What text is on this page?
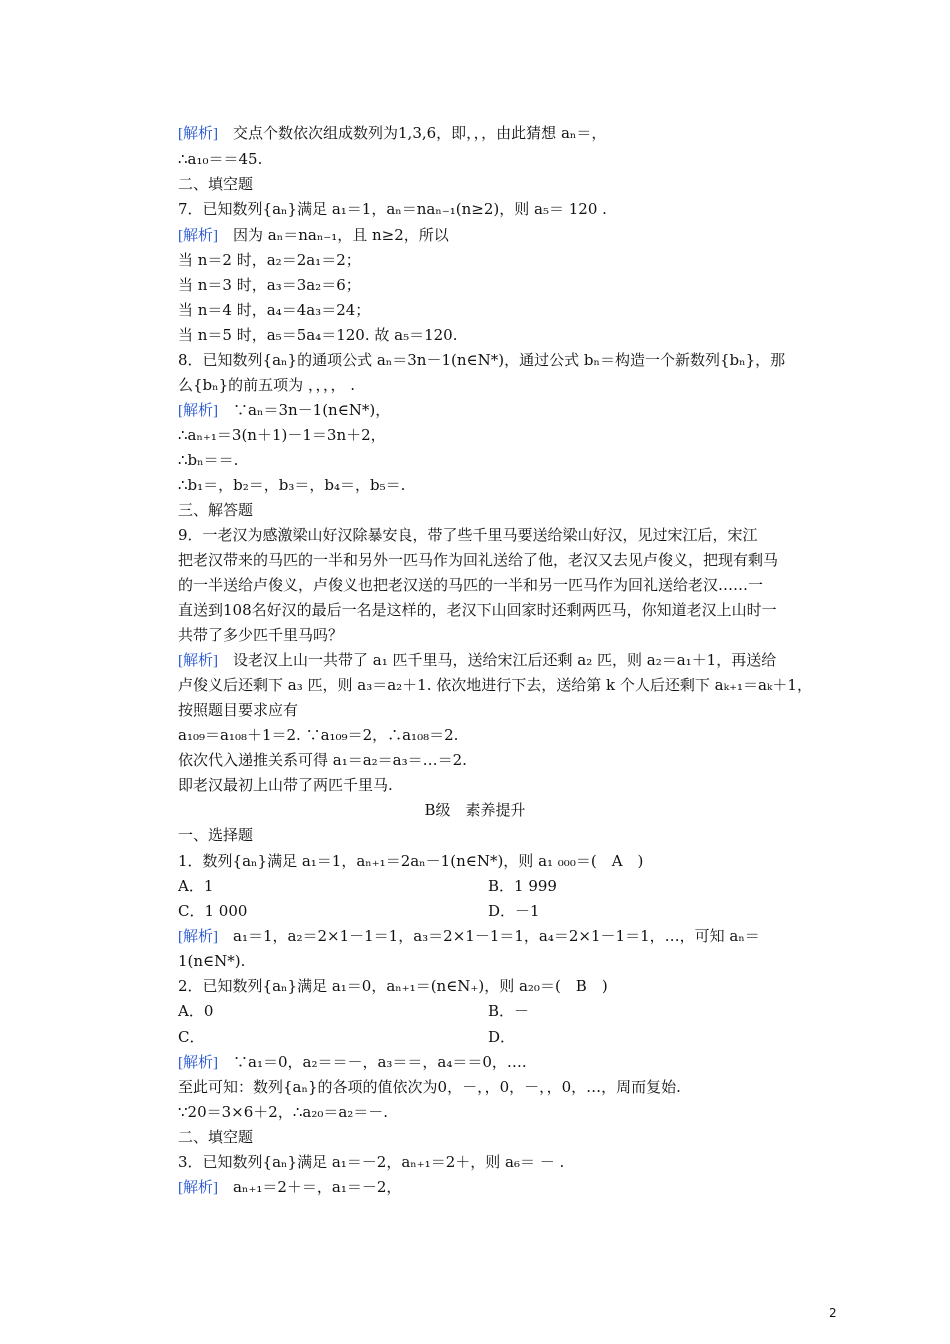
[解析]　 交点个数依次组成数列为1,3,6，即，，，由此猜想 aₙ＝，
∴a₁₀＝＝45.
二、填空题
7．已知数列{aₙ}满足 a₁＝1，aₙ＝naₙ₋₁(n≥2)，则 a₅＝ 120 .
[解析]　 因为 aₙ＝naₙ₋₁，且 n≥2，所以
当 n＝2 时，a₂＝2a₁＝2；
当 n＝3 时，a₃＝3a₂＝6；
当 n＝4 时，a₄＝4a₃＝24；
当 n＝5 时，a₅＝5a₄＝120. 故 a₅＝120.
8．已知数列{aₙ}的通项公式 aₙ＝3n－1(n∈N*)，通过公式 bₙ＝构造一个新数列{bₙ}，那
么{bₙ}的前五项为 ，，，， .
[解析]　 ∵aₙ＝3n－1(n∈N*)，
∴aₙ₊₁＝3(n＋1)－1＝3n＋2，
∴bₙ＝＝.
∴b₁＝，b₂＝，b₃＝，b₄＝，b₅＝.
三、解答题
9．一老汉为感激梁山好汉除暴安良，带了些千里马要送给梁山好汉，见过宋江后，宋江
把老汉带来的马匹的一半和另外一匹马作为回礼送给了他，老汉又去见卢俊义，把现有剩马
的一半送给卢俊义，卢俊义也把老汉送的马匹的一半和另一匹马作为回礼送给老汉……一
直送到108名好汉的最后一名是这样的，老汉下山回家时还剩两匹马，你知道老汉上山时一
共带了多少匹千里马吗？
[解析]　 设老汉上山一共带了 a₁ 匹千里马，送给宋江后还剩 a₂ 匹，则 a₂＝a₁＋1，再送给
卢俊义后还剩下 a₃ 匹，则 a₃＝a₂＋1. 依次地进行下去，送给第 k 个人后还剩下 aₖ₊₁＝aₖ＋1，
按照题目要求应有
a₁₀₉＝a₁₀₈＋1＝2. ∵a₁₀₉＝2，∴a₁₀₈＝2.
依次代入递推关系可得 a₁＝a₂＝a₃＝…＝2.
即老汉最初上山带了两匹千里马.
B级　素养提升
一、选择题
1．数列{aₙ}满足 a₁＝1，aₙ₊₁＝2aₙ－1(n∈N*)，则 a₁ ₀₀₀＝(　A　)
A．1	B．1 999
C．1 000	D．－1
[解析]　 a₁＝1，a₂＝2×1－1＝1，a₃＝2×1－1＝1，a₄＝2×1－1＝1，…，可知 aₙ＝
1(n∈N*).
2．已知数列{aₙ}满足 a₁＝0，aₙ₊₁＝(n∈N₊)，则 a₂₀＝(　B　)
A．0	B．－
C．	D．
[解析]　 ∵a₁＝0，a₂＝＝－，a₃＝＝，a₄＝＝0，….
至此可知：数列{aₙ}的各项的值依次为0，－，，0，－，，0，…，周而复始.
∵20＝3×6＋2，∴a₂₀＝a₂＝－.
二、填空题
3．已知数列{aₙ}满足 a₁＝－2，aₙ₊₁＝2＋，则 a₆＝ － .
[解析]　 aₙ₊₁＝2＋＝，a₁＝－2，
2
